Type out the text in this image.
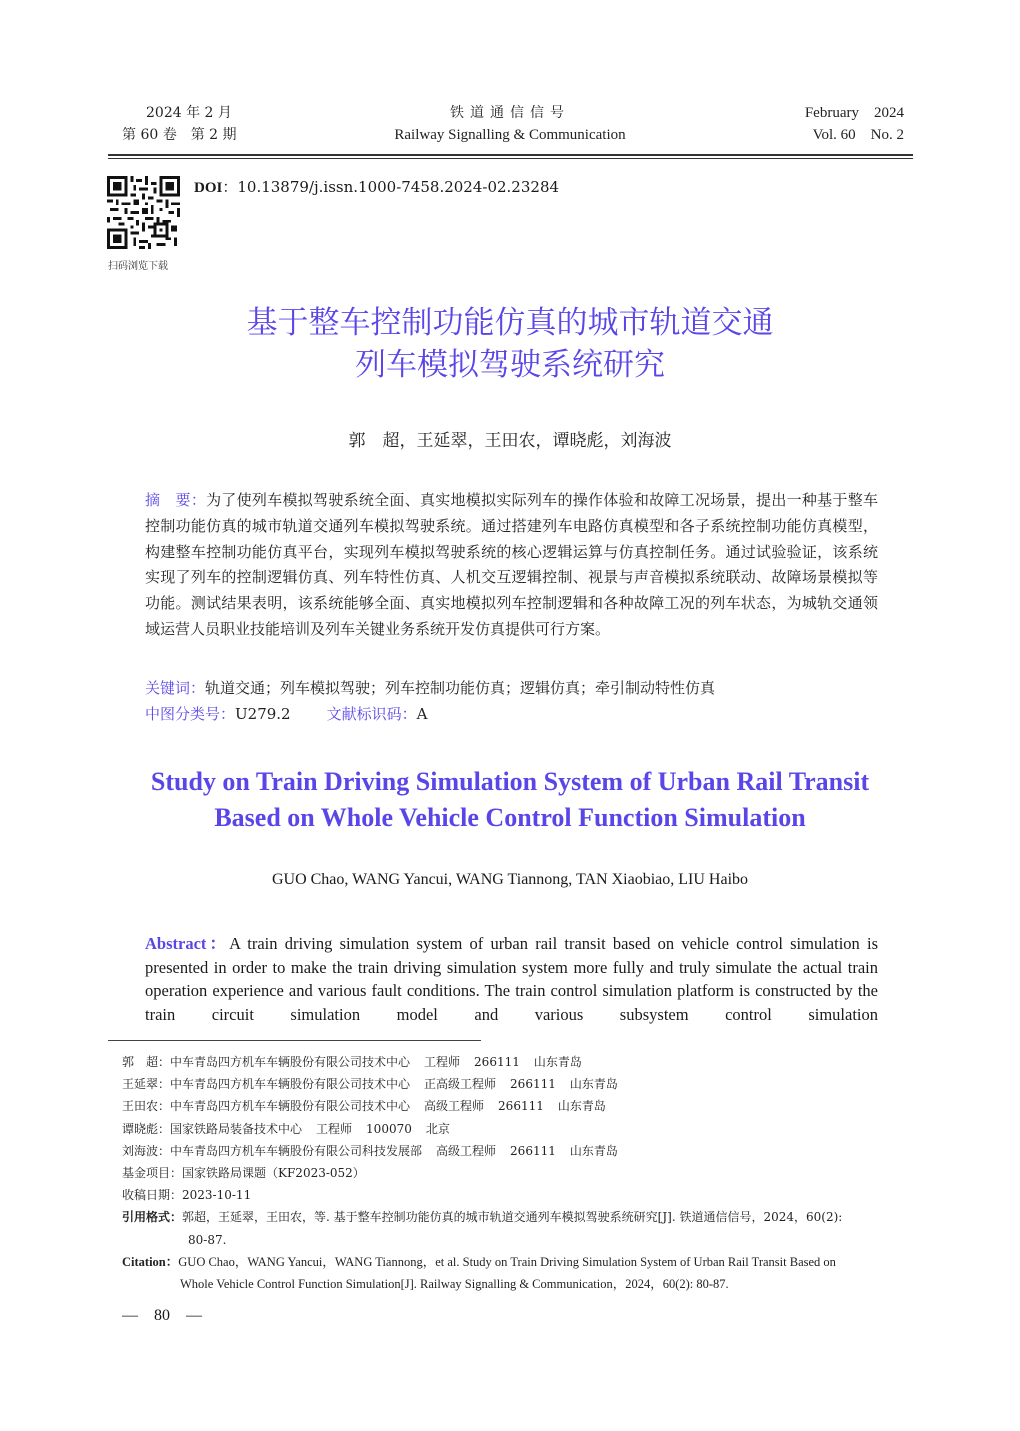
2024 年 2 月
第 60 卷　第 2 期
铁道通信信号
Railway Signalling & Communication
February　2024
Vol. 60　No. 2
扫码浏览下载
DOI：10.13879/j.issn.1000-7458.2024-02.23284
基于整车控制功能仿真的城市轨道交通
列车模拟驾驶系统研究
郭　超，王延翠，王田农，谭晓彪，刘海波
摘　要：为了使列车模拟驾驶系统全面、真实地模拟实际列车的操作体验和故障工况场景，提出一种基于整车控制功能仿真的城市轨道交通列车模拟驾驶系统。通过搭建列车电路仿真模型和各子系统控制功能仿真模型，构建整车控制功能仿真平台，实现列车模拟驾驶系统的核心逻辑运算与仿真控制任务。通过试验验证，该系统实现了列车的控制逻辑仿真、列车特性仿真、人机交互逻辑控制、视景与声音模拟系统联动、故障场景模拟等功能。测试结果表明，该系统能够全面、真实地模拟列车控制逻辑和各种故障工况的列车状态，为城轨交通领域运营人员职业技能培训及列车关键业务系统开发仿真提供可行方案。
关键词：轨道交通；列车模拟驾驶；列车控制功能仿真；逻辑仿真；牵引制动特性仿真
中图分类号：U279.2 文献标识码：A
Study on Train Driving Simulation System of Urban Rail Transit
Based on Whole Vehicle Control Function Simulation
GUO Chao, WANG Yancui, WANG Tiannong, TAN Xiaobiao, LIU Haibo
Abstract：A train driving simulation system of urban rail transit based on vehicle control simulation is presented in order to make the train driving simulation system more fully and truly simulate the actual train operation experience and various fault conditions. The train control simulation platform is constructed by the train circuit simulation model and various subsystem control simulation
郭　超：中车青岛四方机车车辆股份有限公司技术中心 工程师 266111 山东青岛
王延翠：中车青岛四方机车车辆股份有限公司技术中心 正高级工程师 266111 山东青岛
王田农：中车青岛四方机车车辆股份有限公司技术中心 高级工程师 266111 山东青岛
谭晓彪：国家铁路局装备技术中心 工程师 100070 北京
刘海波：中车青岛四方机车车辆股份有限公司科技发展部 高级工程师 266111 山东青岛
基金项目：国家铁路局课题（KF2023-052）
收稿日期：2023-10-11
引用格式：郭超，王延翠，王田农，等. 基于整车控制功能仿真的城市轨道交通列车模拟驾驶系统研究[J]. 铁道通信信号，2024，60(2):
80-87.
Citation：GUO Chao，WANG Yancui，WANG Tiannong，et al. Study on Train Driving Simulation System of Urban Rail Transit Based on
Whole Vehicle Control Function Simulation[J]. Railway Signalling & Communication，2024，60(2): 80-87.
—　80　—
